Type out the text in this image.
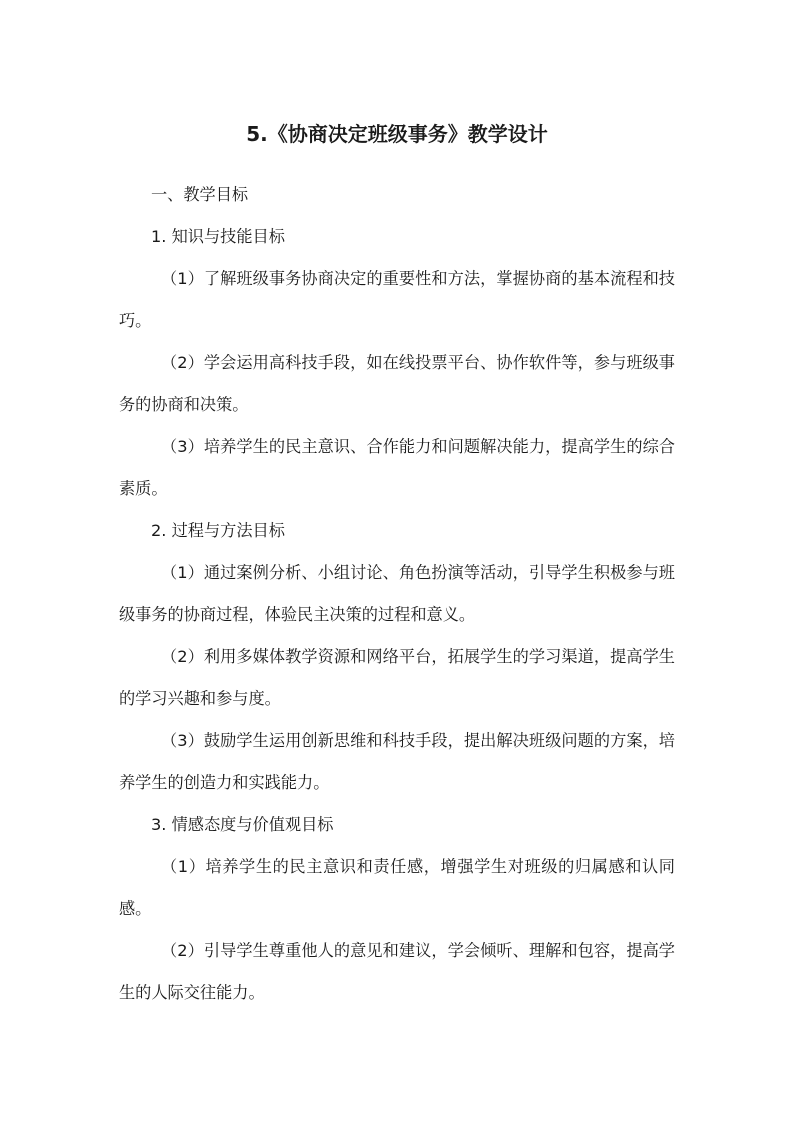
5.《协商决定班级事务》教学设计

一、教学目标

1. 知识与技能目标

（1）了解班级事务协商决定的重要性和方法，掌握协商的基本流程和技巧。

（2）学会运用高科技手段，如在线投票平台、协作软件等，参与班级事务的协商和决策。

（3）培养学生的民主意识、合作能力和问题解决能力，提高学生的综合素质。

2. 过程与方法目标

（1）通过案例分析、小组讨论、角色扮演等活动，引导学生积极参与班级事务的协商过程，体验民主决策的过程和意义。

（2）利用多媒体教学资源和网络平台，拓展学生的学习渠道，提高学生的学习兴趣和参与度。

（3）鼓励学生运用创新思维和科技手段，提出解决班级问题的方案，培养学生的创造力和实践能力。

3. 情感态度与价值观目标

（1）培养学生的民主意识和责任感，增强学生对班级的归属感和认同感。

（2）引导学生尊重他人的意见和建议，学会倾听、理解和包容，提高学生的人际交往能力。
